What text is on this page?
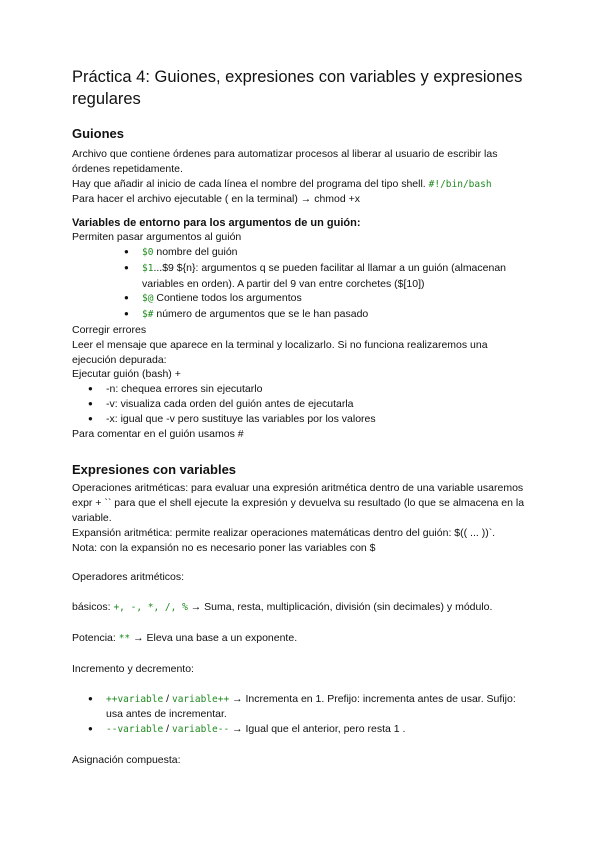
Práctica 4: Guiones, expresiones con variables y expresiones regulares
Guiones

Archivo que contiene órdenes para automatizar procesos al liberar al usuario de escribir las órdenes repetidamente.

Hay que añadir al inicio de cada línea el nombre del programa del tipo shell. #!/bin/bash

Para hacer el archivo ejecutable ( en la terminal) → chmod +x

Variables de entorno para los argumentos de un guión:

Permiten pasar argumentos al guión

● $0 nombre del guión
● $1...$9 ${n}: argumentos q se pueden facilitar al llamar a un guión (almacenan variables en orden). A partir del 9 van entre corchetes ($[10])
● $@ Contiene todos los argumentos
● $# número de argumentos que se le han pasado

Corregir errores

Leer el mensaje que aparece en la terminal y localizarlo. Si no funciona realizaremos una ejecución depurada:

Ejecutar guión (bash) +

● -n: chequea errores sin ejecutarlo
● -v: visualiza cada orden del guión antes de ejecutarla
● -x: igual que -v pero sustituye las variables por los valores

Para comentar en el guión usamos #

Expresiones con variables

Operaciones aritméticas: para evaluar una expresión aritmética dentro de una variable usaremos expr + `` para que el shell ejecute la expresión y devuelva su resultado (lo que se almacena en la variable.

Expansión aritmética: permite realizar operaciones matemáticas dentro del guión: $(( ... ))`.

Nota: con la expansión no es necesario poner las variables con $

Operadores aritméticos:

básicos: +, -, *, /, % → Suma, resta, multiplicación, división (sin decimales) y módulo.

Potencia: ** → Eleva una base a un exponente.

Incremento y decremento:

● ++variable / variable++ → Incrementa en 1. Prefijo: incrementa antes de usar. Sufijo: usa antes de incrementar.
● --variable / variable-- → Igual que el anterior, pero resta 1 .

Asignación compuesta:
